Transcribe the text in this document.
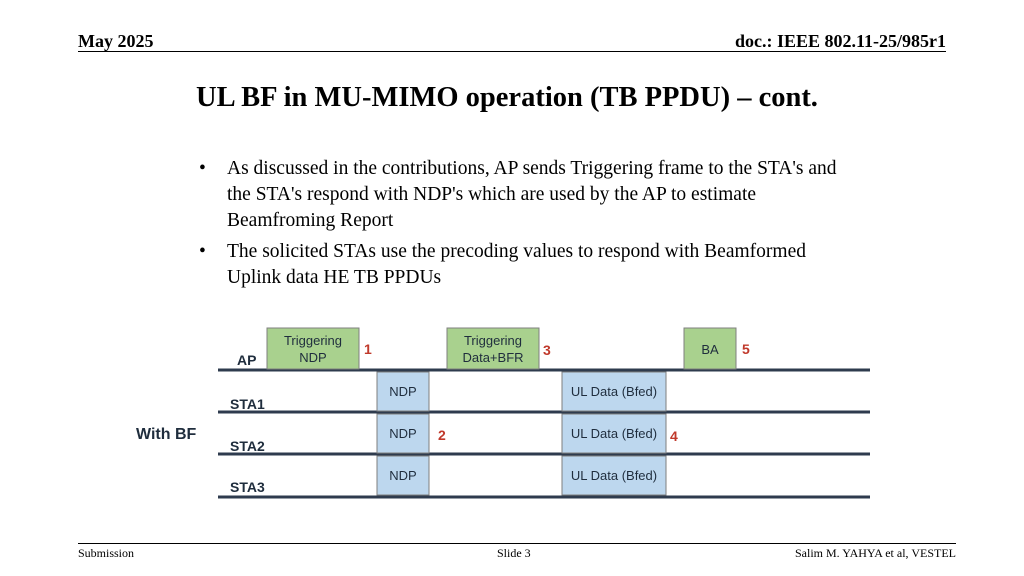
May 2025	doc.: IEEE 802.11-25/985r1
UL BF in MU-MIMO operation (TB PPDU) – cont.
• As discussed in the contributions, AP sends Triggering frame to the STA's and the STA's respond with NDP's which are used by the AP to estimate Beamfroming Report
• The solicited STAs use the precoding values to respond with Beamformed Uplink data HE TB PPDUs
AP
STA1
STA2
STA3
With BF
Triggering
NDP
Triggering
Data+BFR
BA
NDP
NDP
NDP
UL Data (Bfed)
UL Data (Bfed)
UL Data (Bfed)
1
2
3
4
5
Submission	Slide 3	Salim M. YAHYA et al, VESTEL
